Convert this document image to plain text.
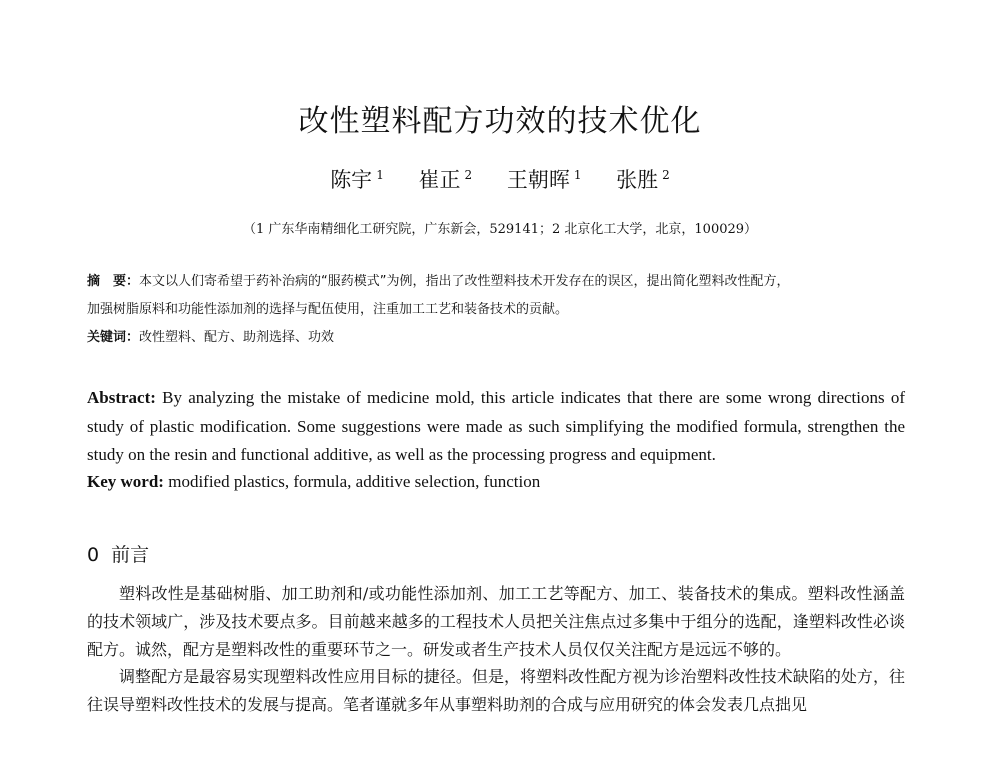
改性塑料配方功效的技术优化
陈宇 $^1$ 崔正 $^2$ 王朝晖 $^1$ 张胜 $^2$
（1 广东华南精细化工研究院，广东新会，529141；2 北京化工大学，北京，100029）
摘　要：本文以人们寄希望于药补治病的“服药模式”为例，指出了改性塑料技术开发存在的误区，提出简化塑料改性配方，
加强树脂原料和功能性添加剂的选择与配伍使用，注重加工工艺和装备技术的贡献。
关键词：改性塑料、配方、助剂选择、功效
Abstract: By analyzing the mistake of medicine mold, this article indicates that there are some wrong directions of study of plastic modification. Some suggestions were made as such simplifying the modified formula, strengthen the study on the resin and functional additive, as well as the processing progress and equipment.
Key word: modified plastics, formula, additive selection, function
0 前言

塑料改性是基础树脂、加工助剂和/或功能性添加剂、加工工艺等配方、加工、装备技术的集成。塑料改性涵盖的技术领域广，涉及技术要点多。目前越来越多的工程技术人员把关注焦点过多集中于组分的选配，逢塑料改性必谈配方。诚然，配方是塑料改性的重要环节之一。研发或者生产技术人员仅仅关注配方是远远不够的。

调整配方是最容易实现塑料改性应用目标的捷径。但是，将塑料改性配方视为诊治塑料改性技术缺陷的处方，往往误导塑料改性技术的发展与提高。笔者谨就多年从事塑料助剂的合成与应用研究的体会发表几点拙见
